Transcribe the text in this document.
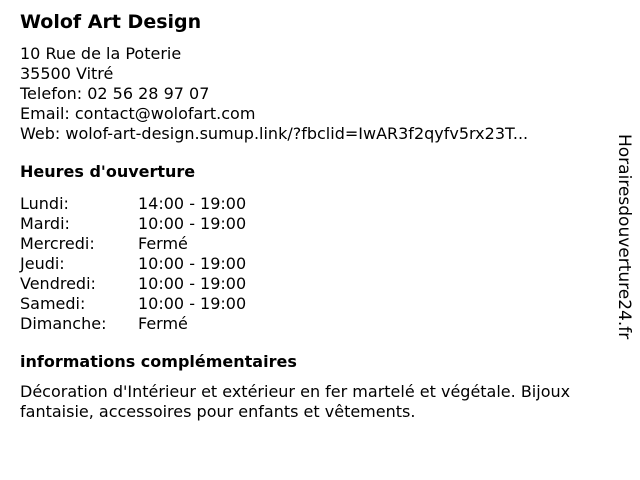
Wolof Art Design
10 Rue de la Poterie
35500 Vitré
Telefon: 02 56 28 97 07
Email: contact@wolofart.com
Web: wolof-art-design.sumup.link/?fbclid=IwAR3f2qyfv5rx23T...
Heures d'ouverture
Lundi:	14:00 - 19:00
Mardi:	10:00 - 19:00
Mercredi:	Fermé
Jeudi:	10:00 - 19:00
Vendredi:	10:00 - 19:00
Samedi:	10:00 - 19:00
Dimanche:	Fermé
informations complémentaires
Décoration d'Intérieur et extérieur en fer martelé et végétale. Bijoux fantaisie, accessoires pour enfants et vêtements.
Horairesdouverture24.fr
